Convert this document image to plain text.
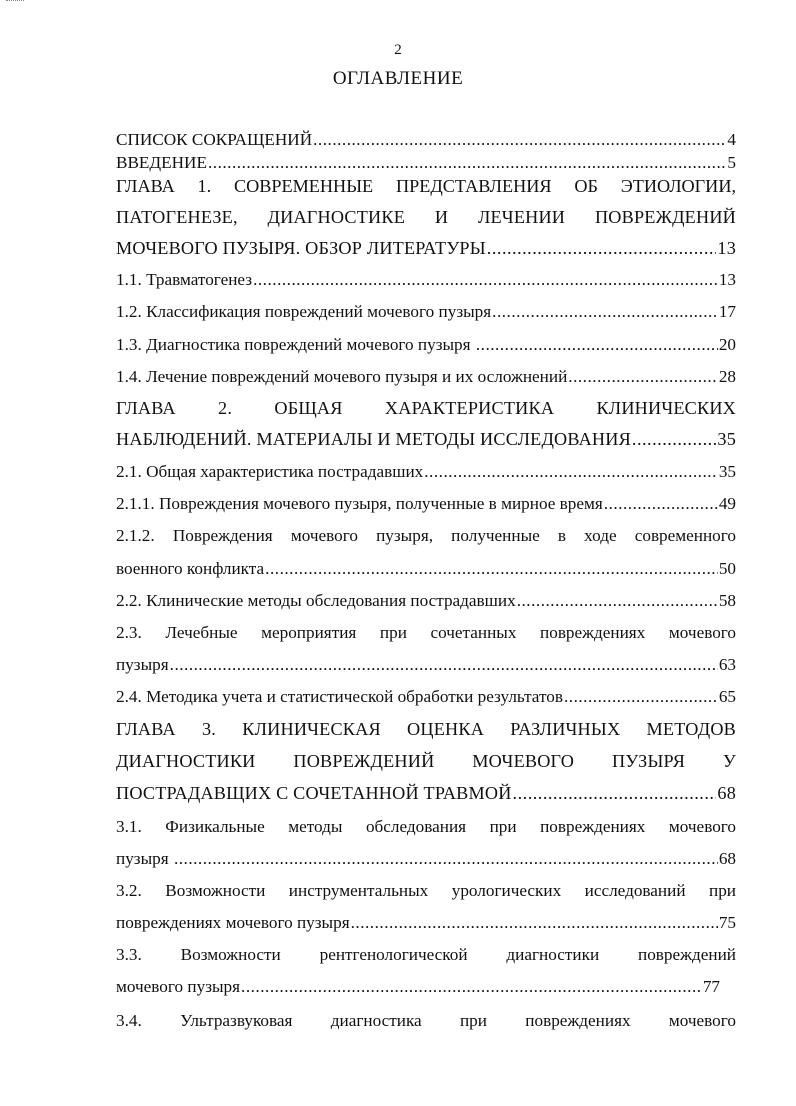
2
ОГЛАВЛЕНИЕ
СПИСОК СОКРАЩЕНИЙ .....	4
ВВЕДЕНИЕ .....	5
ГЛАВА 1. СОВРЕМЕННЫЕ ПРЕДСТАВЛЕНИЯ ОБ ЭТИОЛОГИИ,
ПАТОГЕНЕЗЕ, ДИАГНОСТИКЕ И ЛЕЧЕНИИ ПОВРЕЖДЕНИЙ
МОЧЕВОГО ПУЗЫРЯ. ОБЗОР ЛИТЕРАТУРЫ .....	13
1.1. Травматогенез .....	13
1.2. Классификация повреждений мочевого пузыря .....	17
1.3. Диагностика повреждений мочевого пузыря .....	20
1.4. Лечение повреждений мочевого пузыря и их осложнений .....	28
ГЛАВА 2. ОБЩАЯ ХАРАКТЕРИСТИКА КЛИНИЧЕСКИХ
НАБЛЮДЕНИЙ. МАТЕРИАЛЫ И МЕТОДЫ ИССЛЕДОВАНИЯ .....	35
2.1. Общая характеристика пострадавших .....	35
2.1.1. Повреждения мочевого пузыря, полученные в мирное время .....	49
2.1.2. Повреждения мочевого пузыря, полученные в ходе современного
военного конфликта .....	50
2.2. Клинические методы обследования пострадавших .....	58
2.3. Лечебные мероприятия при сочетанных повреждениях мочевого
пузыря .....	63
2.4. Методика учета и статистической обработки результатов .....	65
ГЛАВА 3. КЛИНИЧЕСКАЯ ОЦЕНКА РАЗЛИЧНЫХ МЕТОДОВ
ДИАГНОСТИКИ ПОВРЕЖДЕНИЙ МОЧЕВОГО ПУЗЫРЯ У
ПОСТРАДАВЩИХ С СОЧЕТАННОЙ ТРАВМОЙ .....	68
3.1. Физикальные методы обследования при повреждениях мочевого
пузыря .....	68
3.2. Возможности инструментальных урологических исследований при
повреждениях мочевого пузыря .....	75
3.3. Возможности рентгенологической диагностики повреждений
мочевого пузыря .....	77
3.4. Ультразвуковая диагностика при повреждениях мочевого
